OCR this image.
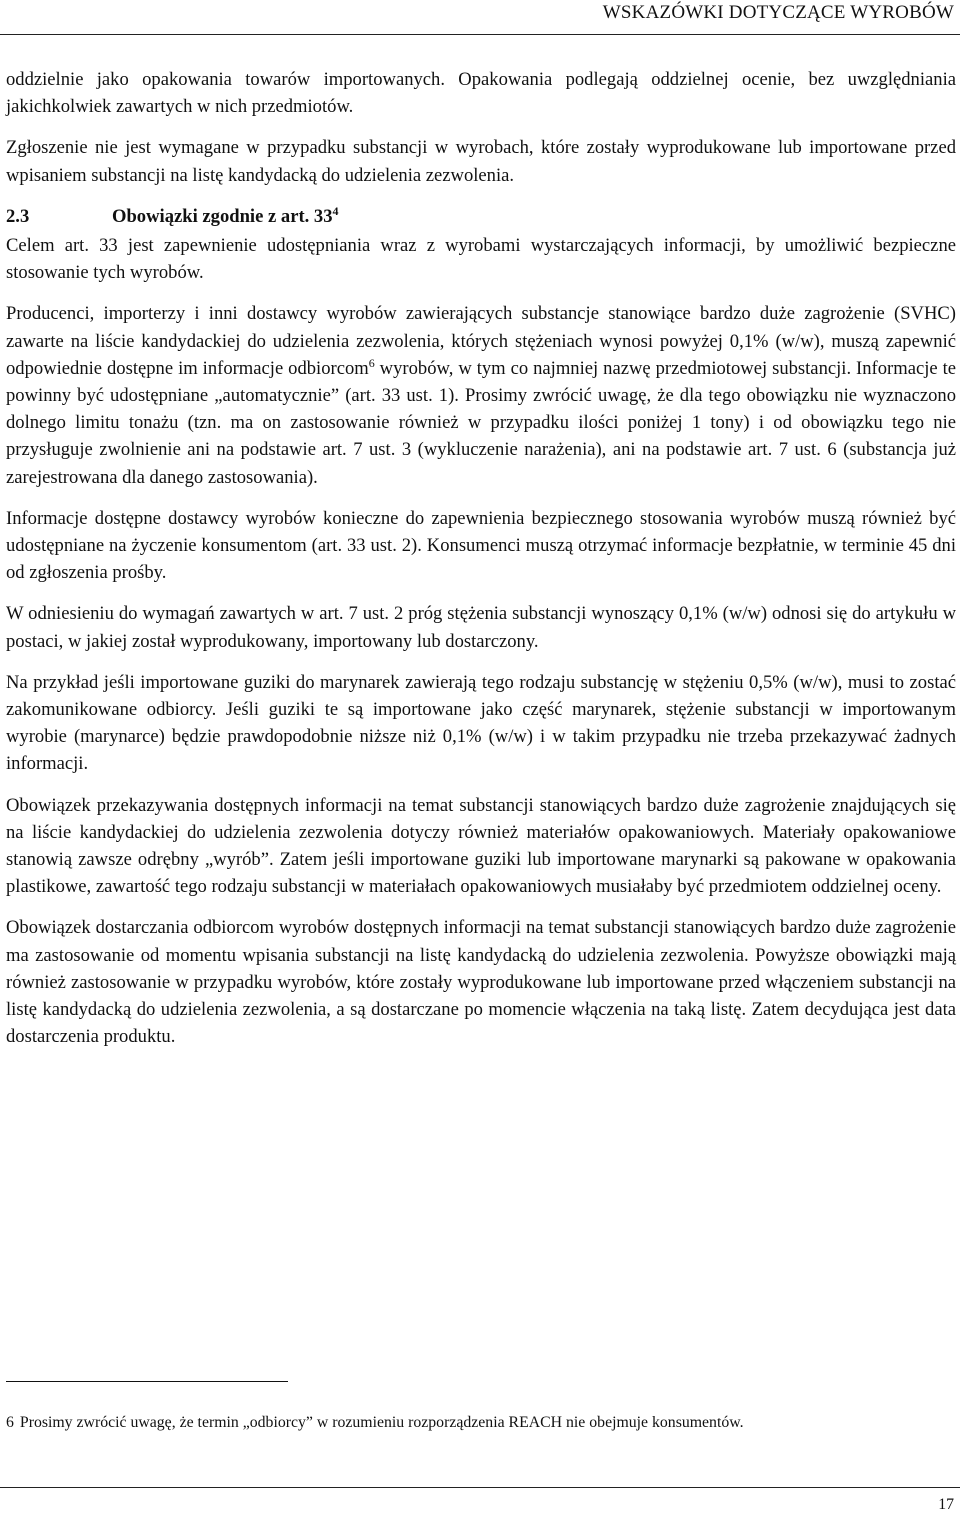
WSKAZÓWKI DOTYCZĄCE WYROBÓW

oddzielnie jako opakowania towarów importowanych. Opakowania podlegają oddzielnej ocenie, bez uwzględniania jakichkolwiek zawartych w nich przedmiotów.

Zgłoszenie nie jest wymagane w przypadku substancji w wyrobach, które zostały wyprodukowane lub importowane przed wpisaniem substancji na listę kandydacką do udzielenia zezwolenia.

2.3	Obowiązki zgodnie z art. $33^4$

Celem art. 33 jest zapewnienie udostępniania wraz z wyrobami wystarczających informacji, by umożliwić bezpieczne stosowanie tych wyrobów.

Producenci, importerzy i inni dostawcy wyrobów zawierających substancje stanowiące bardzo duże zagrożenie (SVHC) zawarte na liście kandydackiej do udzielenia zezwolenia, których stężeniach wynosi powyżej 0,1% (w/w), muszą zapewnić odpowiednie dostępne im informacje odbiorcom$^6$ wyrobów, w tym co najmniej nazwę przedmiotowej substancji. Informacje te powinny być udostępniane „automatycznie” (art. 33 ust. 1). Prosimy zwrócić uwagę, że dla tego obowiązku nie wyznaczono dolnego limitu tonażu (tzn. ma on zastosowanie również w przypadku ilości poniżej 1 tony) i od obowiązku tego nie przysługuje zwolnienie ani na podstawie art. 7 ust. 3 (wykluczenie narażenia), ani na podstawie art. 7 ust. 6 (substancja już zarejestrowana dla danego zastosowania).

Informacje dostępne dostawcy wyrobów konieczne do zapewnienia bezpiecznego stosowania wyrobów muszą również być udostępniane na życzenie konsumentom (art. 33 ust. 2). Konsumenci muszą otrzymać informacje bezpłatnie, w terminie 45 dni od zgłoszenia prośby.

W odniesieniu do wymagań zawartych w art. 7 ust. 2 próg stężenia substancji wynoszący 0,1% (w/w) odnosi się do artykułu w postaci, w jakiej został wyprodukowany, importowany lub dostarczony.

Na przykład jeśli importowane guziki do marynarek zawierają tego rodzaju substancję w stężeniu 0,5% (w/w), musi to zostać zakomunikowane odbiorcy. Jeśli guziki te są importowane jako część marynarek, stężenie substancji w importowanym wyrobie (marynarce) będzie prawdopodobnie niższe niż 0,1% (w/w) i w takim przypadku nie trzeba przekazywać żadnych informacji.

Obowiązek przekazywania dostępnych informacji na temat substancji stanowiących bardzo duże zagrożenie znajdujących się na liście kandydackiej do udzielenia zezwolenia dotyczy również materiałów opakowaniowych. Materiały opakowaniowe stanowią zawsze odrębny „wyrób”. Zatem jeśli importowane guziki lub importowane marynarki są pakowane w opakowania plastikowe, zawartość tego rodzaju substancji w materiałach opakowaniowych musiałaby być przedmiotem oddzielnej oceny.

Obowiązek dostarczania odbiorcom wyrobów dostępnych informacji na temat substancji stanowiących bardzo duże zagrożenie ma zastosowanie od momentu wpisania substancji na listę kandydacką do udzielenia zezwolenia. Powyższe obowiązki mają również zastosowanie w przypadku wyrobów, które zostały wyprodukowane lub importowane przed włączeniem substancji na listę kandydacką do udzielenia zezwolenia, a są dostarczane po momencie włączenia na taką listę. Zatem decydująca jest data dostarczenia produktu.

6 Prosimy zwrócić uwagę, że termin „odbiorcy” w rozumieniu rozporządzenia REACH nie obejmuje konsumentów.
17
